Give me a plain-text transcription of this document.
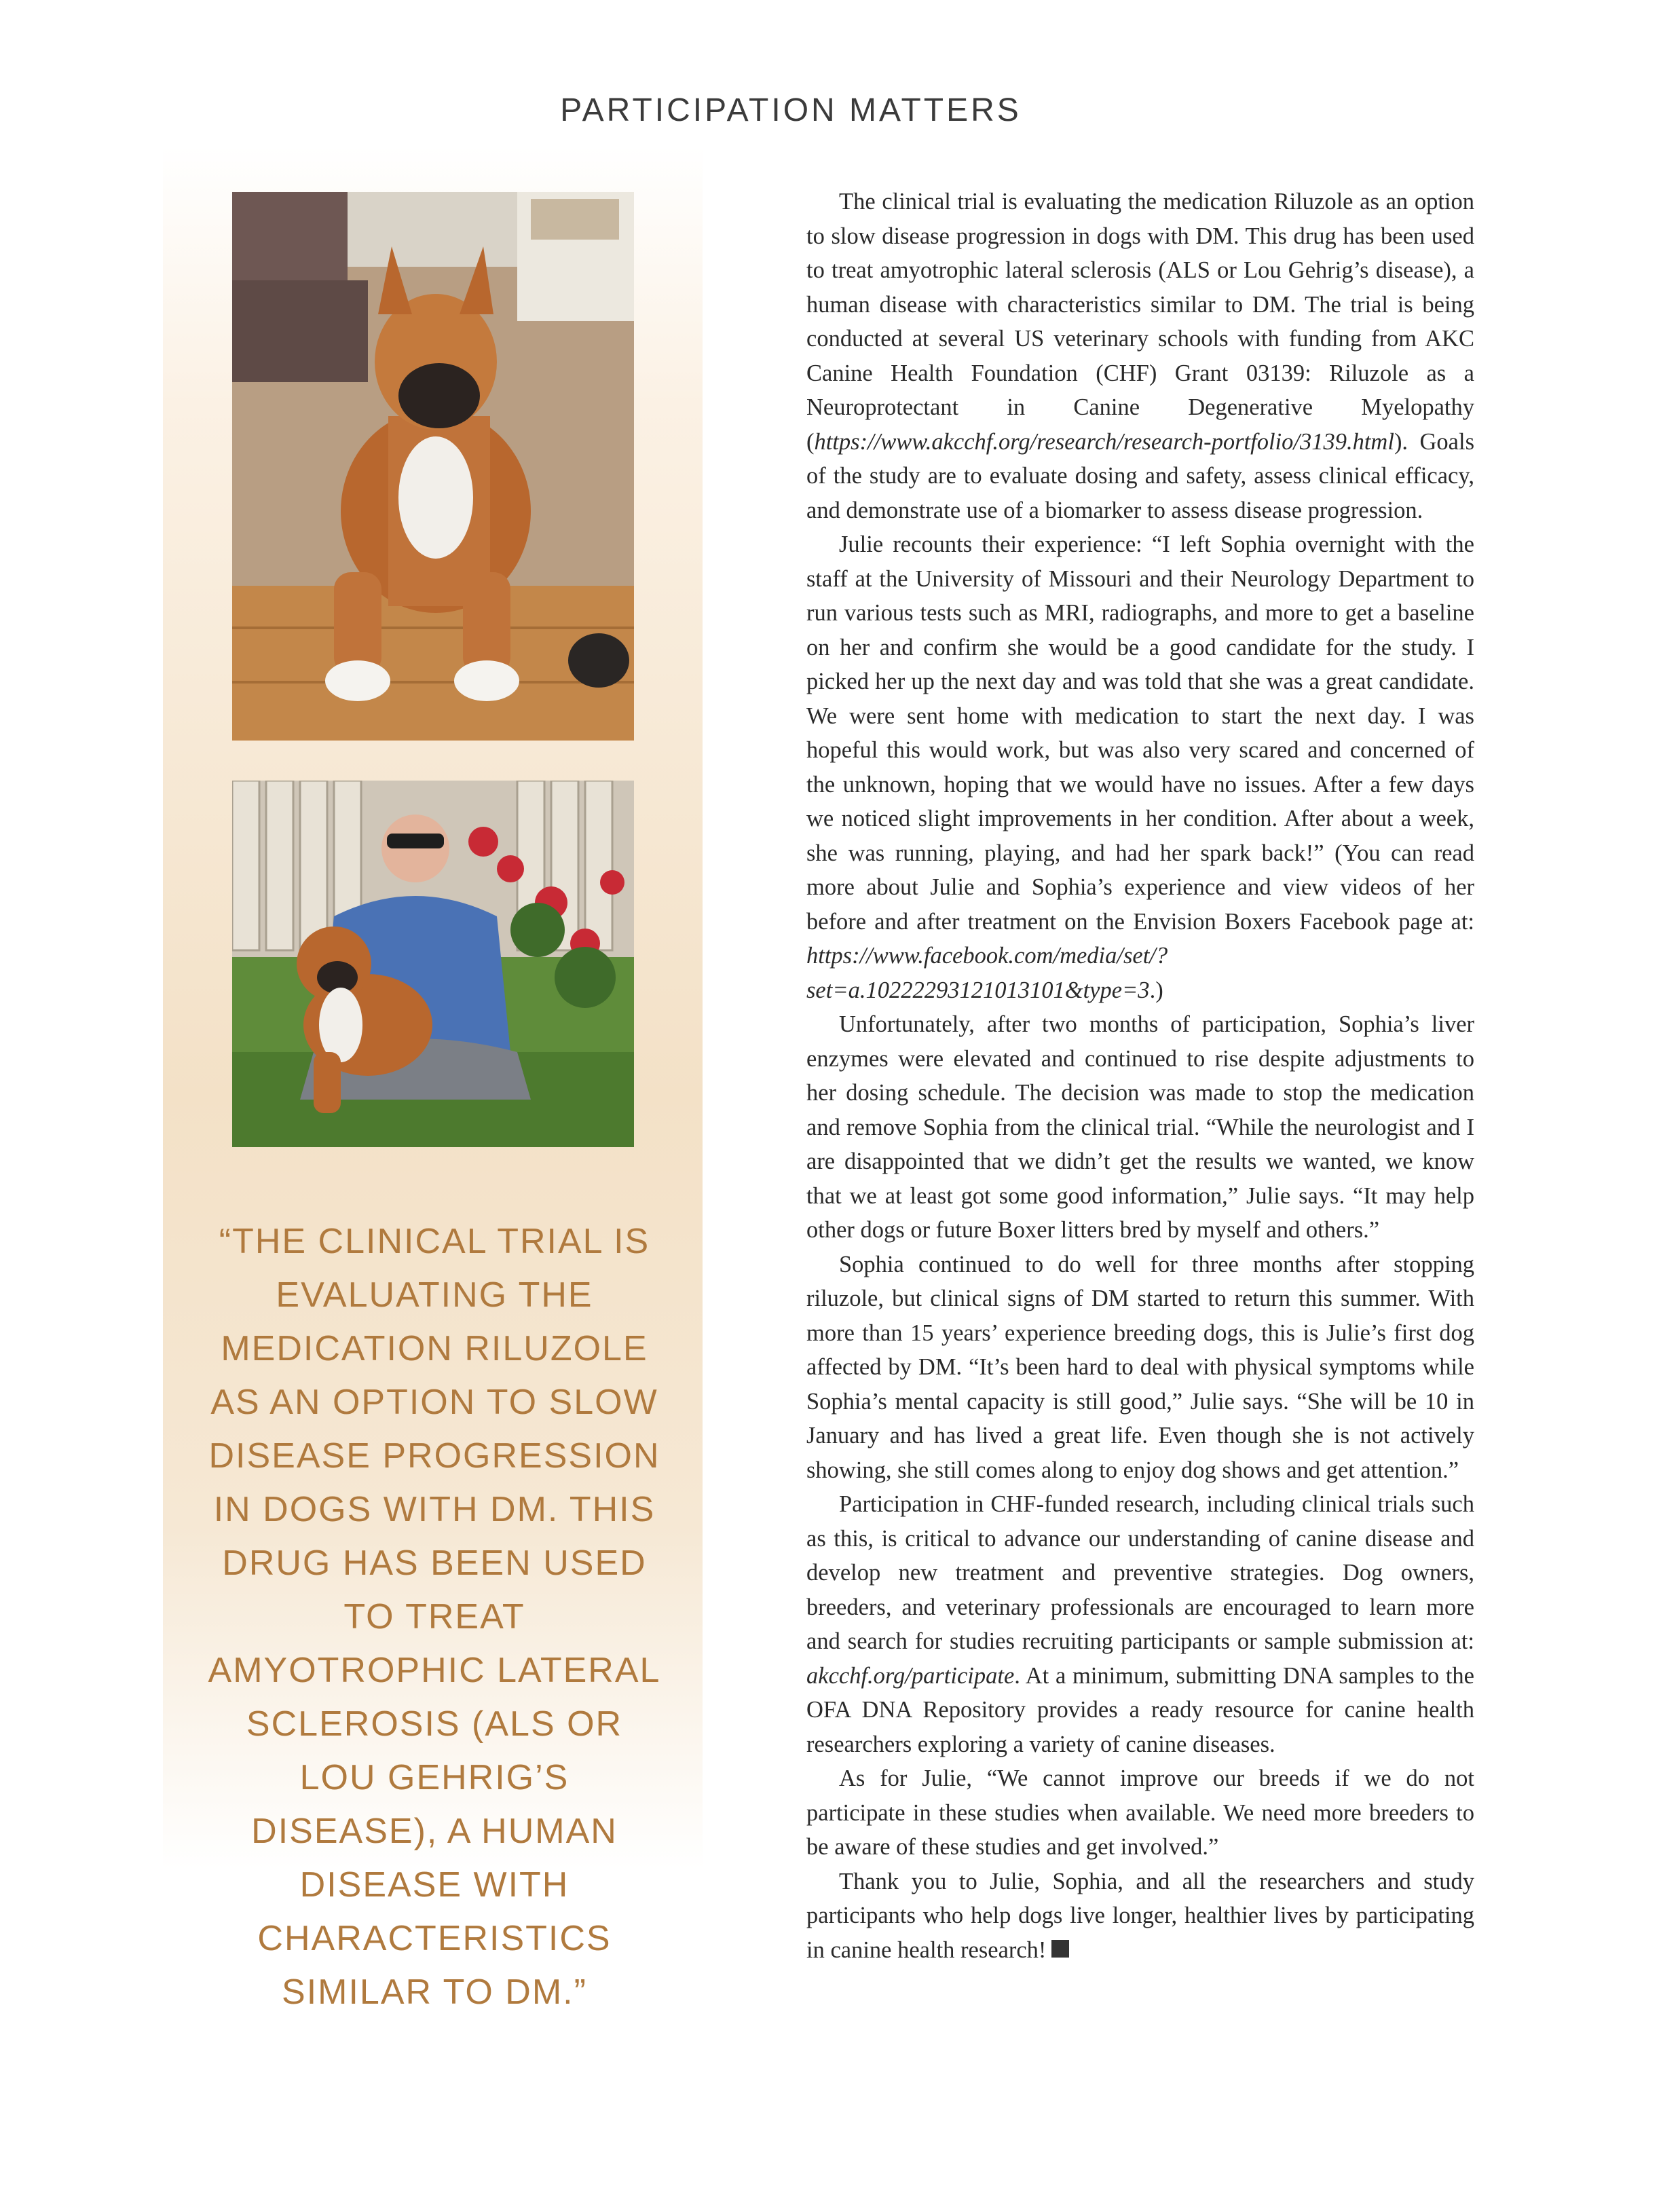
PARTICIPATION MATTERS
“THE CLINICAL TRIAL IS EVALUATING THE MEDICATION RILUZOLE AS AN OPTION TO SLOW DISEASE PROGRESSION IN DOGS WITH DM. THIS DRUG HAS BEEN USED TO TREAT AMYOTROPHIC LATERAL SCLEROSIS (ALS OR LOU GEHRIG’S DISEASE), A HUMAN DISEASE WITH CHARACTERISTICS SIMILAR TO DM.”

The clinical trial is evaluating the medication Riluzole as an option to slow disease progression in dogs with DM. This drug has been used to treat amyotrophic lateral sclerosis (ALS or Lou Gehrig’s disease), a human disease with characteristics similar to DM. The trial is being conducted at several US veterinary schools with funding from AKC Canine Health Foundation (CHF) Grant 03139: Riluzole as a Neuroprotectant in Canine Degenerative Myelopathy (https://www.akcchf.org/research/research-portfolio/3139.html). Goals of the study are to evaluate dosing and safety, assess clinical efficacy, and demonstrate use of a biomarker to assess disease progression.

Julie recounts their experience: “I left Sophia overnight with the staff at the University of Missouri and their Neurology Department to run various tests such as MRI, radiographs, and more to get a baseline on her and confirm she would be a good candidate for the study. I picked her up the next day and was told that she was a great candidate. We were sent home with medication to start the next day. I was hopeful this would work, but was also very scared and concerned of the unknown, hoping that we would have no issues. After a few days we noticed slight improvements in her condition. After about a week, she was running, playing, and had her spark back!” (You can read more about Julie and Sophia’s experience and view videos of her before and after treatment on the Envision Boxers Facebook page at: https://www.facebook.com/media/set/?set=a.10222293121013101&type=3.)

Unfortunately, after two months of participation, Sophia’s liver enzymes were elevated and continued to rise despite adjustments to her dosing schedule. The decision was made to stop the medication and remove Sophia from the clinical trial. “While the neurologist and I are disappointed that we didn’t get the results we wanted, we know that we at least got some good information,” Julie says. “It may help other dogs or future Boxer litters bred by myself and others.”

Sophia continued to do well for three months after stopping riluzole, but clinical signs of DM started to return this summer. With more than 15 years’ experience breeding dogs, this is Julie’s first dog affected by DM. “It’s been hard to deal with physical symptoms while Sophia’s mental capacity is still good,” Julie says. “She will be 10 in January and has lived a great life. Even though she is not actively showing, she still comes along to enjoy dog shows and get attention.”

Participation in CHF-funded research, including clinical trials such as this, is critical to advance our understanding of canine disease and develop new treatment and preventive strategies. Dog owners, breeders, and veterinary professionals are encouraged to learn more and search for studies recruiting participants or sample submission at: akcchf.org/participate. At a minimum, submitting DNA samples to the OFA DNA Repository provides a ready resource for canine health researchers exploring a variety of canine diseases.

As for Julie, “We cannot improve our breeds if we do not participate in these studies when available. We need more breeders to be aware of these studies and get involved.”

Thank you to Julie, Sophia, and all the researchers and study participants who help dogs live longer, healthier lives by participating in canine health research!
